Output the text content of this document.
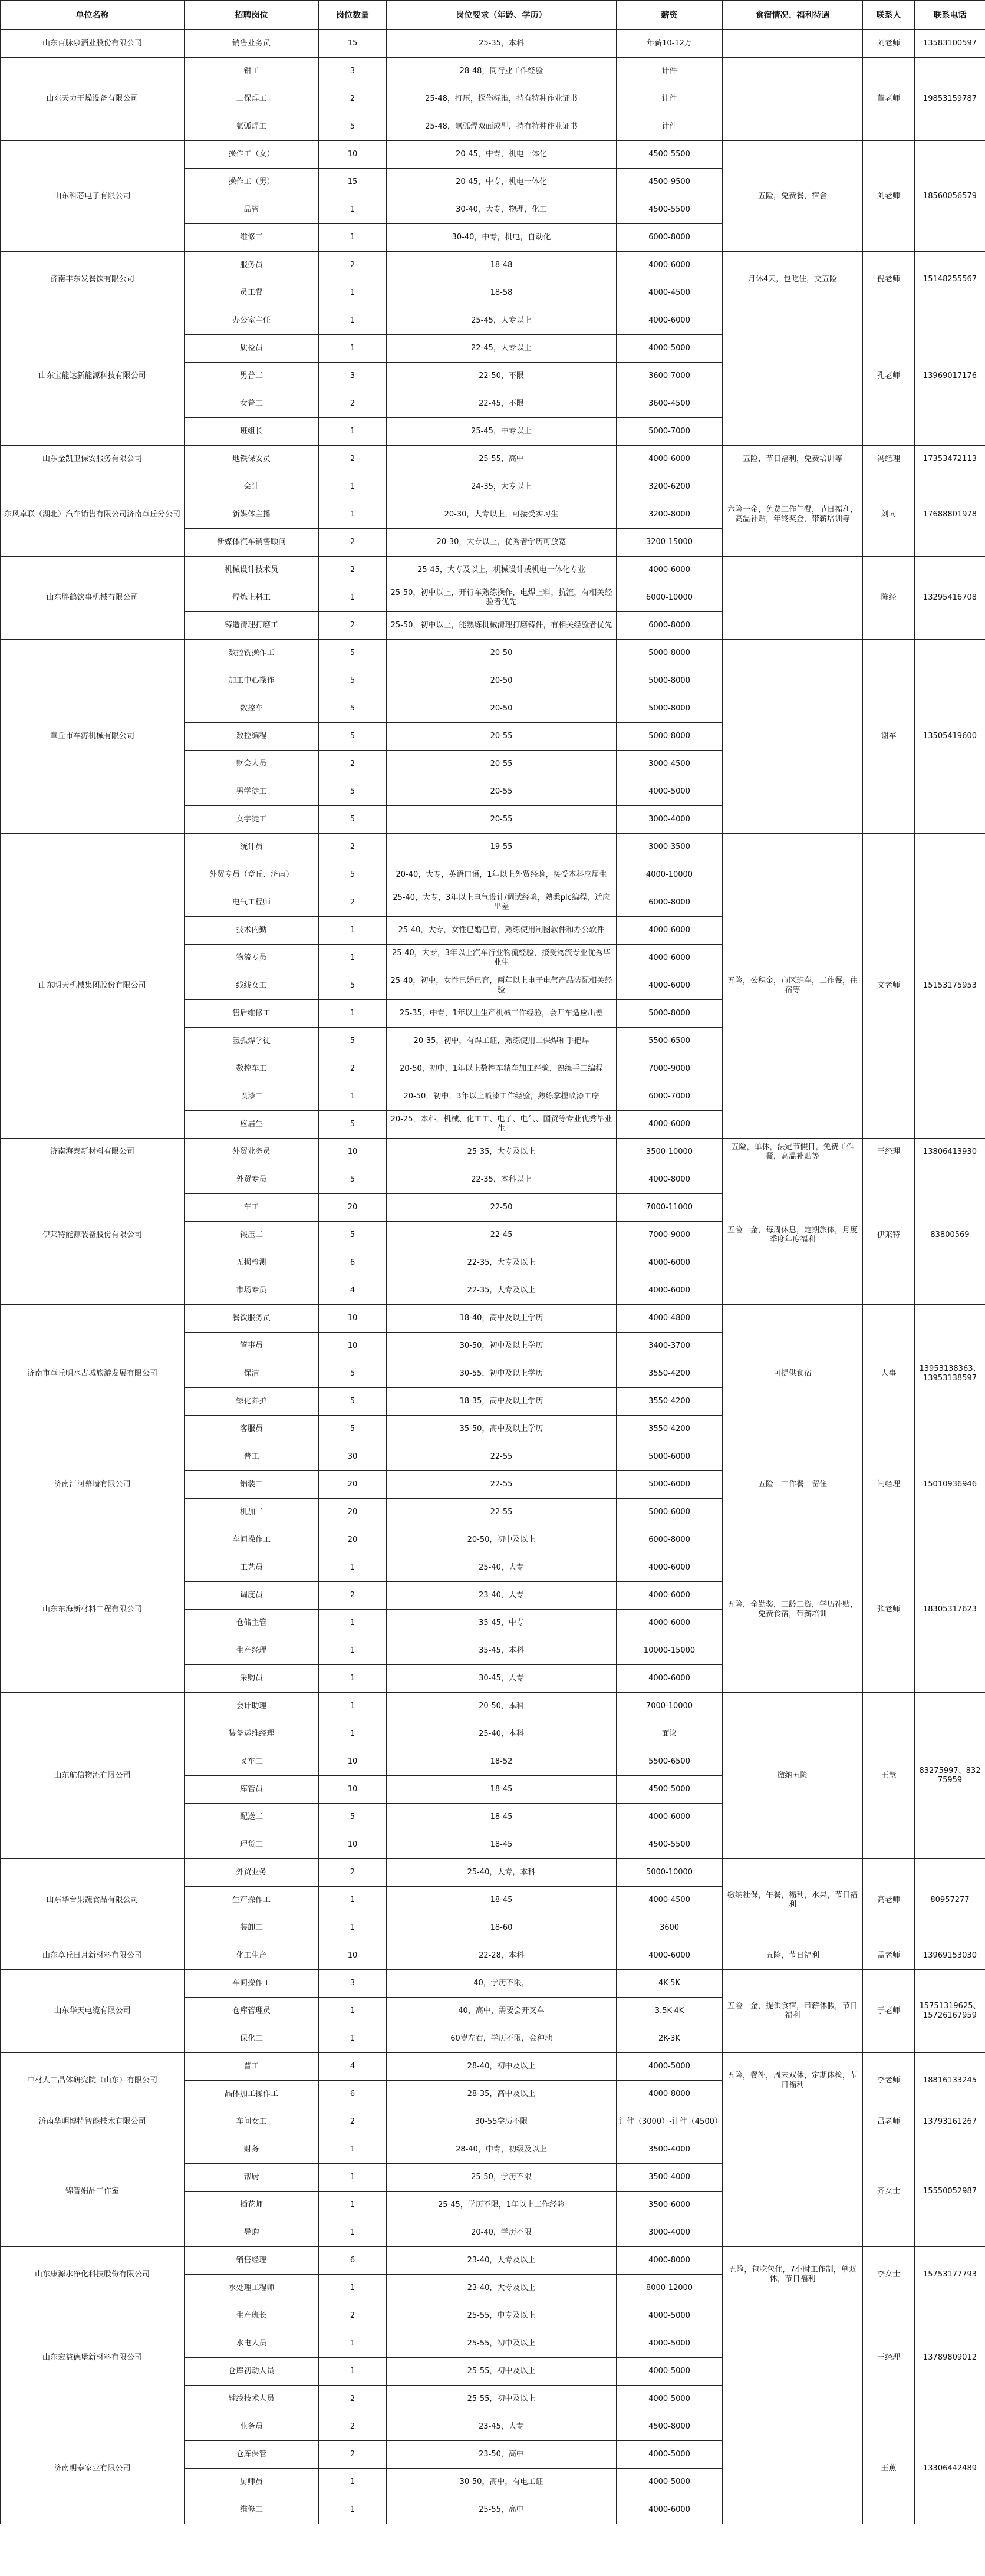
单位名称	招聘岗位	岗位数量	岗位要求（年龄、学历）	薪资	食宿情况、福利待遇	联系人	联系电话
山东百脉泉酒业股份有限公司	销售业务员	15	25-35，本科	年薪10-12万		刘老师	13583100597
山东天力干燥设备有限公司	钳工	3	28-48，同行业工作经验	计件		董老师	19853159787
	二保焊工	2	25-48，打压，探伤标准，持有特种作业证书	计件			
	氩弧焊工	5	25-48，氩弧焊双面成型，持有特种作业证书	计件			
山东科芯电子有限公司	操作工（女）	10	20-45，中专，机电一体化	4500-5500	五险，免费餐，宿舍	刘老师	18560056579
	操作工（男）	15	20-45，中专，机电一体化	4500-9500			
	品管	1	30-40，大专，物理，化工	4500-5500			
	维修工	1	30-40，中专，机电，自动化	6000-8000			
济南丰东发餐饮有限公司	服务员	2	18-48	4000-6000	月休4天，包吃住，交五险	倪老师	15148255567
	员工餐	1	18-58	4000-4500			
山东宝能达新能源科技有限公司	办公室主任	1	25-45，大专以上	4000-6000		孔老师	13969017176
	质检员	1	22-45，大专以上	4000-5000			
	男普工	3	22-50，不限	3600-7000			
	女普工	2	22-45，不限	3600-4500			
	班组长	1	25-45，中专以上	5000-7000			
山东金凯卫保安服务有限公司	地铁保安员	2	25-55，高中	4000-6000	五险，节日福利，免费培训等	冯经理	17353472113
东风卓联（湖北）汽车销售有限公司济南章丘分公司	会计	1	24-35，大专以上	3200-6200	六险一金，免费工作午餐，节日福利，高温补贴，年终奖金，带薪培训等	刘同	17688801978
	新媒体主播	1	20-30，大专以上，可接受实习生	3200-8000			
	新媒体汽车销售顾问	2	20-30，大专以上，优秀者学历可放宽	3200-15000			
山东胖鹤饮事机械有限公司	机械设计技术员	2	25-45，大专及以上，机械设计或机电一体化专业	4000-6000		陈经	13295416708
	焊炼上料工	1	25-50，初中以上，开行车熟练操作，电焊上料，抗渣，有相关经验者优先	6000-10000			
	铸造清理打磨工	2	25-50，初中以上，能熟练机械清理打磨铸件，有相关经验者优先	6000-8000			
章丘市军涛机械有限公司	数控铣操作工	5	20-50	5000-8000		谢军	13505419600
	加工中心操作	5	20-50	5000-8000			
	数控车	5	20-50	5000-8000			
	数控编程	5	20-55	5000-8000			
	财会人员	2	20-55	3000-4500			
	男学徒工	5	20-55	4000-5000			
	女学徒工	5	20-55	3000-4000			
山东明天机械集团股份有限公司	统计员	2	19-55	3000-3500	五险，公积金，市区班车，工作餐，住宿等	文老师	15153175953
	外贸专员（章丘、济南）	5	20-40，大专，英语口语，1年以上外贸经验，接受本科应届生	4000-10000			
	电气工程师	2	25-40，大专，3年以上电气设计/调试经验，熟悉plc编程，适应出差	6000-8000			
	技术内勤	1	25-40，大专，女性已婚已育，熟练使用制图软件和办公软件	4000-6000			
	物流专员	1	25-40，大专，3年以上汽车行业物流经验，接受物流专业优秀毕业生	4000-6000			
	线线女工	5	25-40，初中，女性已婚已育，两年以上电子电气产品装配相关经验	4000-6000			
	售后维修工	1	25-35，中专，1年以上生产机械工作经验，会开车适应出差	5000-8000			
	氩弧焊学徒	5	20-35，初中，有焊工证，熟练使用二保焊和手把焊	5500-6500			
	数控车工	2	20-50，初中，1年以上数控车精车加工经验，熟练手工编程	7000-9000			
	喷漆工	1	20-50，初中，3年以上喷漆工作经验，熟练掌握喷漆工序	6000-7000			
	应届生	5	20-25，本科，机械、化工工、电子、电气、国贸等专业优秀毕业生	4000-6000			
济南海泰新材料有限公司	外贸业务员	10	25-35，大专及以上	3500-10000	五险，单休，法定节假日，免费工作餐，高温补贴等	王经理	13806413930
伊莱特能源装备股份有限公司	外贸专员	5	22-35，本科以上	4000-8000	五险一金，每周休息，定期旅体，月度季度年度福利	伊莱特	83800569
	车工	20	22-50	7000-11000			
	锻压工	5	22-45	7000-9000			
	无损检测	6	22-35，大专及以上	4000-6000			
	市场专员	4	22-35，大专及以上	4000-6000			
济南市章丘明水古城旅游发展有限公司	餐饮服务员	10	18-40，高中及以上学历	4000-4800	可提供食宿	人事	13953138363、13953138597
	管事员	10	30-50，初中及以上学历	3400-3700			
	保洁	5	30-55，初中及以上学历	3550-4200			
	绿化养护	5	18-35，高中及以上学历	3550-4200			
	客服员	5	35-50，高中及以上学历	3550-4200			
济南江河幕墙有限公司	普工	30	22-55	5000-6000	五险　工作餐　留住	闫经理	15010936946
	铝装工	20	22-55	5000-6000			
	机加工	20	22-55	5000-6000			
山东东海新材料工程有限公司	车间操作工	20	20-50，初中及以上	6000-8000	五险，全勤奖，工龄工资，学历补贴，免费食宿，带薪培训	张老师	18305317623
	工艺员	1	25-40，大专	4000-6000			
	调度员	2	23-40，大专	4000-6000			
	仓储主管	1	35-45，中专	4000-6000			
	生产经理	1	35-45，本科	10000-15000			
	采购员	1	30-45，大专	4000-6000			
山东航信物流有限公司	会计助理	1	20-50，本科	7000-10000	缴纳五险	王慧	83275997、83275959
	装备运维经理	1	25-40，本科	面议			
	叉车工	10	18-52	5500-6500			
	库管员	10	18-45	4500-5000			
	配送工	5	18-45	4000-6000			
	理货工	10	18-45	4500-5500			
山东华台果蔬食品有限公司	外贸业务	2	25-40，大专，本科	5000-10000	缴纳社保，午餐，福利，水果，节日福利	高老师	80957277
	生产操作工	1	18-45	4000-4500			
	装卸工	1	18-60	3600			
山东章丘日月新材料有限公司	化工生产	10	22-28，本科	4000-6000	五险，节日福利	孟老师	13969153030
山东华天电缆有限公司	车间操作工	3	40，学历不限，	4K-5K	五险一金，提供食宿，带薪休假，节日福利	于老师	15751319625、15726167959
	仓库管理员	1	40，高中，需要会开叉车	3.5K-4K			
	保化工	1	60岁左右，学历不限，会种地	2K-3K			
中材人工晶体研究院（山东）有限公司	普工	4	28-40，初中及以上	4000-5000	五险，餐补，周末双休，定期体检，节日福利	李老师	18816133245
	晶体加工操作工	6	28-35，高中及以上	4000-8000			
济南华明博特智能技术有限公司	车间女工	2	30-55学历不限	计件（3000）-计件（4500）		吕老师	13793161267
锦智娟品工作室	财务	1	28-40，中专，初级及以上	3500-4000		齐女士	15550052987
	帮厨	1	25-50，学历不限	3500-4000			
	插花师	1	25-45，学历不限，1年以上工作经验	3500-6000			
	导购	1	20-40，学历不限	3000-4000			
山东康源水净化科技股份有限公司	销售经理	6	23-40，大专及以上	4000-8000	五险，包吃包住，7小时工作制，单双休，节日福利	李女士	15753177793
	水处理工程师	1	23-40，大专及以上	8000-12000			
山东宏益德堡新材料有限公司	生产班长	2	25-55，中专及以上	4000-5000		王经理	13789809012
	水电人员	1	25-55，初中及以上	4000-5000			
	仓库初动人员	1	25-55，初中及以上	4000-5000			
	辅线技术人员	2	25-55，初中及以上	4000-5000			
济南明泰家业有限公司	业务员	2	23-45，大专	4500-8000		王蕉	13306442489
	仓库保管	2	23-50，高中	4000-5000			
	厨师员	1	30-50，高中，有电工证	4000-5000			
	维修工	1	25-55，高中	4000-6000			
